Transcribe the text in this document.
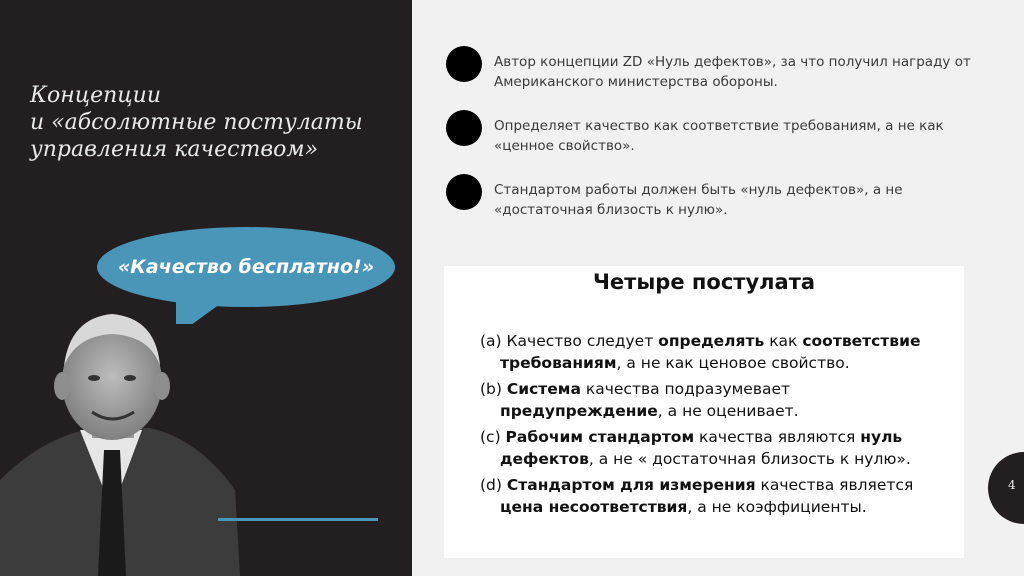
Концепции
и «абсолютные постулаты
управления качеством»
«Качество бесплатно!»
Автор концепции ZD «Нуль дефектов», за что получил награду от Американского министерства обороны.
Определяет качество как соответствие требованиям, а не как «ценное свойство».
Стандартом работы должен быть «нуль дефектов», а не «достаточная близость к нулю».
Четыре постулата
(a) Качество следует определять как соответствие требованиям, а не как ценовое свойство.
(b) Система качества подразумевает предупреждение, а не оценивает.
(c) Рабочим стандартом качества являются нуль дефектов, а не « достаточная близость к нулю».
(d) Стандартом для измерения качества является цена несоответствия, а не коэффициенты.
4
